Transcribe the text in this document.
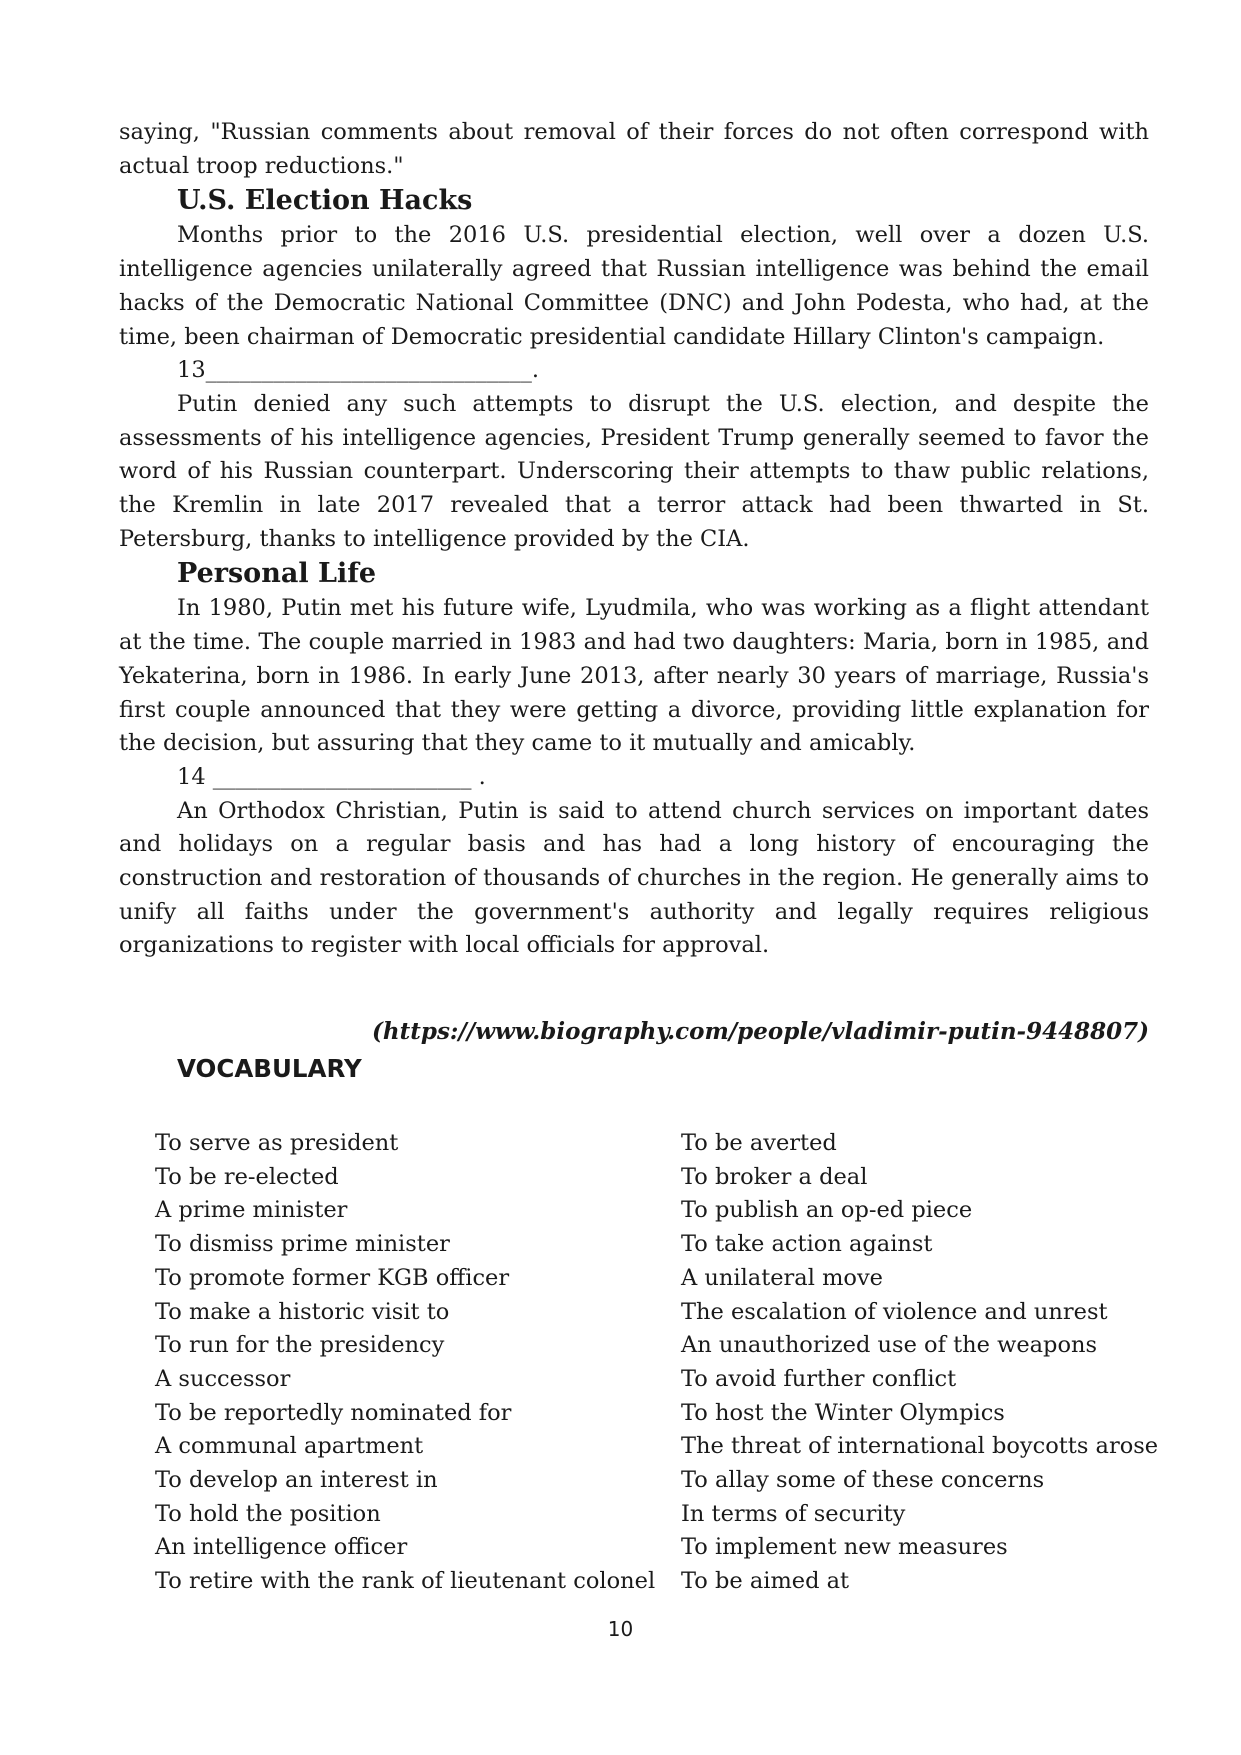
saying, "Russian comments about removal of their forces do not often correspond with actual troop reductions."

U.S. Election Hacks

Months prior to the 2016 U.S. presidential election, well over a dozen U.S. intelligence agencies unilaterally agreed that Russian intelligence was behind the email hacks of the Democratic National Committee (DNC) and John Podesta, who had, at the time, been chairman of Democratic presidential candidate Hillary Clinton's campaign.

13_____________________________.

Putin denied any such attempts to disrupt the U.S. election, and despite the assessments of his intelligence agencies, President Trump generally seemed to favor the word of his Russian counterpart. Underscoring their attempts to thaw public relations, the Kremlin in late 2017 revealed that a terror attack had been thwarted in St. Petersburg, thanks to intelligence provided by the CIA.

Personal Life

In 1980, Putin met his future wife, Lyudmila, who was working as a flight attendant at the time. The couple married in 1983 and had two daughters: Maria, born in 1985, and Yekaterina, born in 1986. In early June 2013, after nearly 30 years of marriage, Russia's first couple announced that they were getting a divorce, providing little explanation for the decision, but assuring that they came to it mutually and amicably.

14 _______________________ .

An Orthodox Christian, Putin is said to attend church services on important dates and holidays on a regular basis and has had a long history of encouraging the construction and restoration of thousands of churches in the region. He generally aims to unify all faiths under the government's authority and legally requires religious organizations to register with local officials for approval.

(https://www.biography.com/people/vladimir-putin-9448807)
VOCABULARY
To serve as president
To be re-elected
A prime minister
To dismiss prime minister
To promote former KGB officer
To make a historic visit to
To run for the presidency
A successor
To be reportedly nominated for
A communal apartment
To develop an interest in
To hold the position
An intelligence officer
To retire with the rank of lieutenant colonel
To be averted
To broker a deal
To publish an op-ed piece
To take action against
A unilateral move
The escalation of violence and unrest
An unauthorized use of the weapons
To avoid further conflict
To host the Winter Olympics
The threat of international boycotts arose
To allay some of these concerns
In terms of security
To implement new measures
To be aimed at
10
